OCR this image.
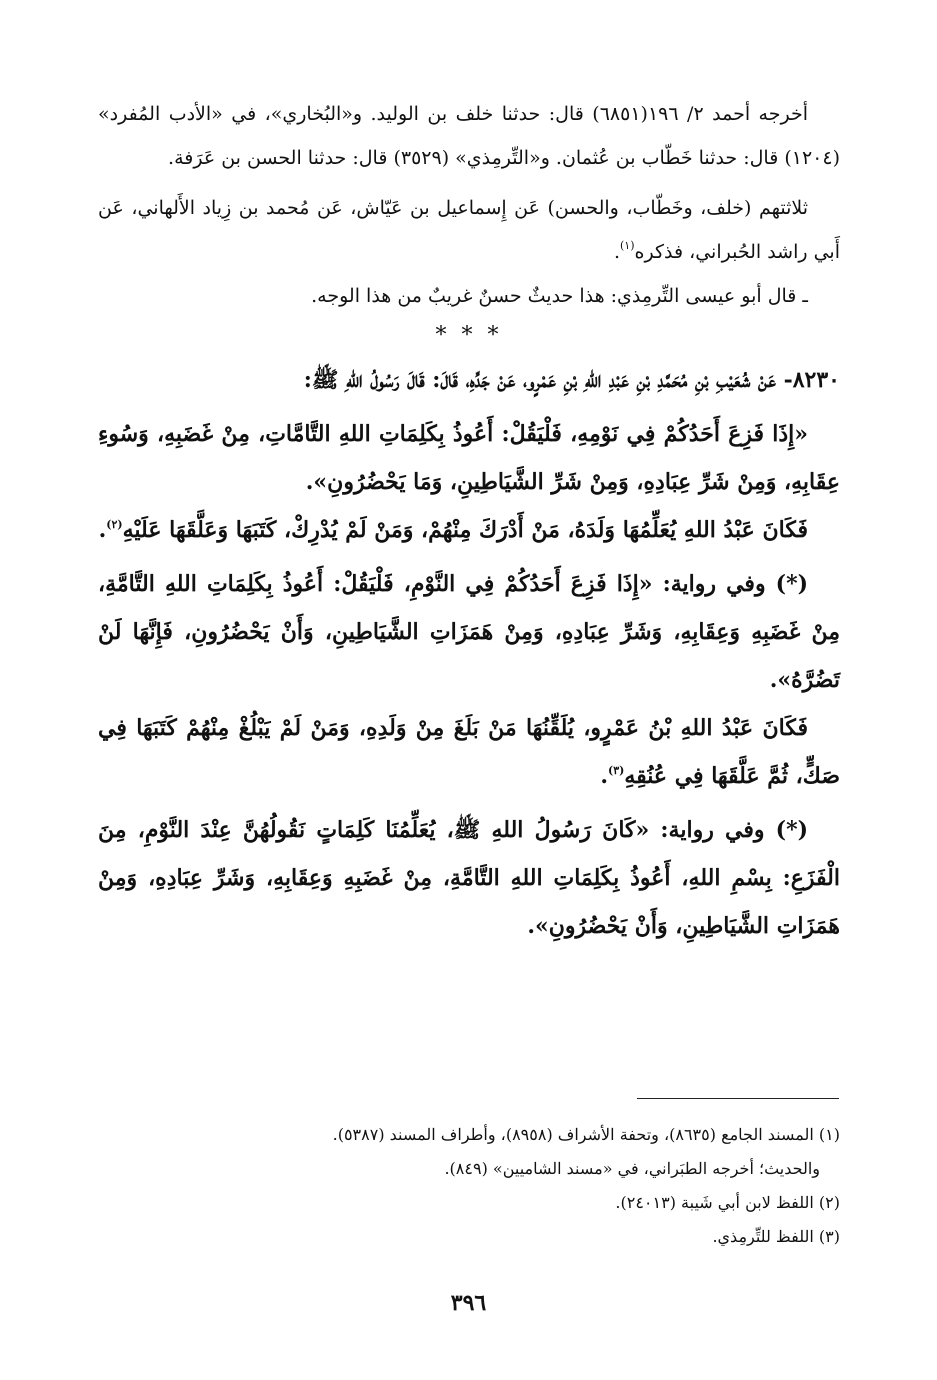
أخرجه أحمد ٢/ ١٩٦(٦٨٥١) قال: حدثنا خلف بن الوليد. و«البُخاري»، في «الأدب المُفرد» (١٢٠٤) قال: حدثنا خَطّاب بن عُثمان. و«التِّرمِذي» (٣٥٢٩) قال: حدثنا الحسن بن عَرَفة.

ثلاثتهم (خلف، وخَطّاب، والحسن) عَن إِسماعيل بن عَيّاش، عَن مُحمد بن زِياد الأَلهاني، عَن أَبي راشد الحُبراني، فذكره$^{(١)}$.

ـ قال أبو عيسى التِّرمِذي: هذا حديثٌ حسنٌ غريبٌ من هذا الوجه.

* * *

٨٢٣٠- عَنْ شُعَيْبِ بْنِ مُحَمَّدِ بْنِ عَبْدِ اللهِ بْنِ عَمْرٍو، عَنْ جَدِّهِ، قَالَ: قَالَ رَسُولُ اللهِ ﷺ:

«إِذَا فَزِعَ أَحَدُكُمْ فِي نَوْمِهِ، فَلْيَقُلْ: أَعُوذُ بِكَلِمَاتِ اللهِ التَّامَّاتِ، مِنْ غَضَبِهِ، وَسُوءِ عِقَابِهِ، وَمِنْ شَرِّ عِبَادِهِ، وَمِنْ شَرِّ الشَّيَاطِينِ، وَمَا يَحْضُرُونِ».

فَكَانَ عَبْدُ اللهِ يُعَلِّمُهَا وَلَدَهُ، مَنْ أَدْرَكَ مِنْهُمْ، وَمَنْ لَمْ يُدْرِكْ، كَتَبَهَا وَعَلَّقَهَا عَلَيْهِ$^{(٢)}$.

(*) وفي رواية: «إِذَا فَزِعَ أَحَدُكُمْ فِي النَّوْمِ، فَلْيَقُلْ: أَعُوذُ بِكَلِمَاتِ اللهِ التَّامَّةِ، مِنْ غَضَبِهِ وَعِقَابِهِ، وَشَرِّ عِبَادِهِ، وَمِنْ هَمَزَاتِ الشَّيَاطِينِ، وَأَنْ يَحْضُرُونِ، فَإِنَّهَا لَنْ تَضُرَّهُ».

فَكَانَ عَبْدُ اللهِ بْنُ عَمْرٍو، يُلَقِّنُهَا مَنْ بَلَغَ مِنْ وَلَدِهِ، وَمَنْ لَمْ يَبْلُغْ مِنْهُمْ كَتَبَهَا فِي صَكٍّ، ثُمَّ عَلَّقَهَا فِي عُنُقِهِ$^{(٣)}$.

(*) وفي رواية: «كَانَ رَسُولُ اللهِ ﷺ، يُعَلِّمُنَا كَلِمَاتٍ نَقُولُهُنَّ عِنْدَ النَّوْمِ، مِنَ الْفَزَعِ: بِسْمِ اللهِ، أَعُوذُ بِكَلِمَاتِ اللهِ التَّامَّةِ، مِنْ غَضَبِهِ وَعِقَابِهِ، وَشَرِّ عِبَادِهِ، وَمِنْ هَمَزَاتِ الشَّيَاطِينِ، وَأَنْ يَحْضُرُونِ».

(١) المسند الجامع (٨٦٣٥)، وتحفة الأشراف (٨٩٥٨)، وأطراف المسند (٥٣٨٧).

والحديث؛ أخرجه الطبَراني، في «مسند الشاميين» (٨٤٩).

(٢) اللفظ لابن أبي شَيبة (٢٤٠١٣).

(٣) اللفظ للتِّرمِذي.

٣٩٦
